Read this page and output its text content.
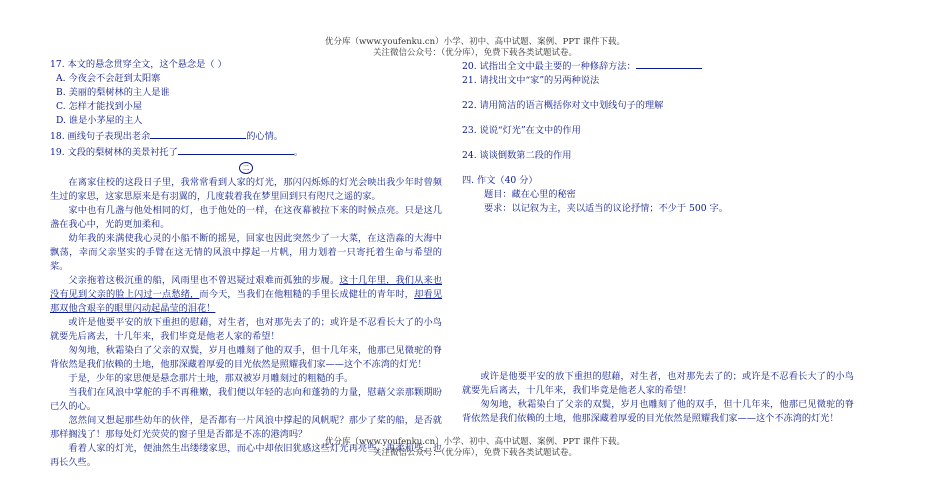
优分库（www.youfenku.cn）小学、初中、高中试题、案例、PPT 课件下载。
关注微信公众号：（优分库），免费下载各类试题试卷。
17. 本文的悬念贯穿全文，这个悬念是（ ）
A. 今夜会不会赶到太阳寨
B. 美丽的梨树林的主人是谁
C. 怎样才能找到小屋
D. 谁是小茅屋的主人
18. 画线句子表现出老余	的心情。
19. 文段的梨树林的美景衬托了	。
二
在离家住校的这段日子里，我常常看到人家的灯光，那闪闪烁烁的灯光会映出我少年时曾频生过的家思，这家思原来是有羽翼的，几度载着我在梦里回到只有咫尺之遥的家。
家中也有几盏与他处相同的灯，也于他处的一样，在这夜幕被拉下来的时候点亮。只是这几盏在我心中，光韵更加柔和。
幼年我的来满使我心灵的小船不断的摇晃，回家也因此突然少了一大菜，在这浩淼的大海中飘荡，幸而父亲坚实的手臂在这无情的风浪中撑起一片帆，用力划着一只寄托着生命与希望的桨。
父亲拖着这极沉重的船，风雨里也不曾迟疑过艰难而孤独的步履。这十几年里，我们从来也没有见到父亲的脸上闪过一点愁绪，而今天，当我们在他粗糙的手里长成健壮的青年时，却看见那双他含艰辛的眼里闪动起晶莹的泪花！
或许是他要平安的放下重担的慰藉，对生者，也对那先去了的；或许是不忍看长大了的小鸟就要先后离去，十几年来，我们毕竟是他老人家的希望！
匆匆地，秋霜染白了父亲的双鬓，岁月也雕刻了他的双手，但十几年来，他那已见微驼的脊背依然是我们依赖的土地，他那深藏着厚爱的目光依然是照耀我们家——这个不冻湾的灯光！
于是，少年的家思便是悬念那片土地，那双被岁月雕刻过的粗糙的手。
当我们在风浪中掌舵的手不再稚嫩，我们便以年轻的志向和蓬勃的力量，慰藉父亲那颗期盼已久的心。
忽然间又想起那些幼年的伙伴，是否都有一片风浪中撑起的风帆呢？那少了桨的船，是否就那样搁浅了！那每处灯光荧荧的窗子里是否都是不冻的港湾吗？
看着人家的灯光，便油然生出缕缕家思，而心中却依旧犹感这些灯光再亮些，再柔和些，也再长久些。
20. 试指出全文中最主要的一种修辞方法：
21. 请找出文中“家”的另两种说法
22. 请用简洁的语言概括你对文中划线句子的理解
23. 说说“灯光”在文中的作用
24. 谈谈倒数第二段的作用
四. 作文（40 分）
题目：藏在心里的秘密
要求：以记叙为主，夹以适当的议论抒情；不少于 500 字。
或许是他要平安的放下重担的慰藉，对生者，也对那先去了的；或许是不忍看长大了的小鸟就要先后离去，十几年来，我们毕竟是他老人家的希望！
匆匆地，秋霜染白了父亲的双鬓，岁月也雕刻了他的双手，但十几年来，他那已见微驼的脊背依然是我们依赖的土地，他那深藏着厚爱的目光依然是照耀我们家——这个不冻湾的灯光！
优分库（www.youfenku.cn）小学、初中、高中试题、案例、PPT 课件下载。
关注微信公众号：（优分库），免费下载各类试题试卷。
